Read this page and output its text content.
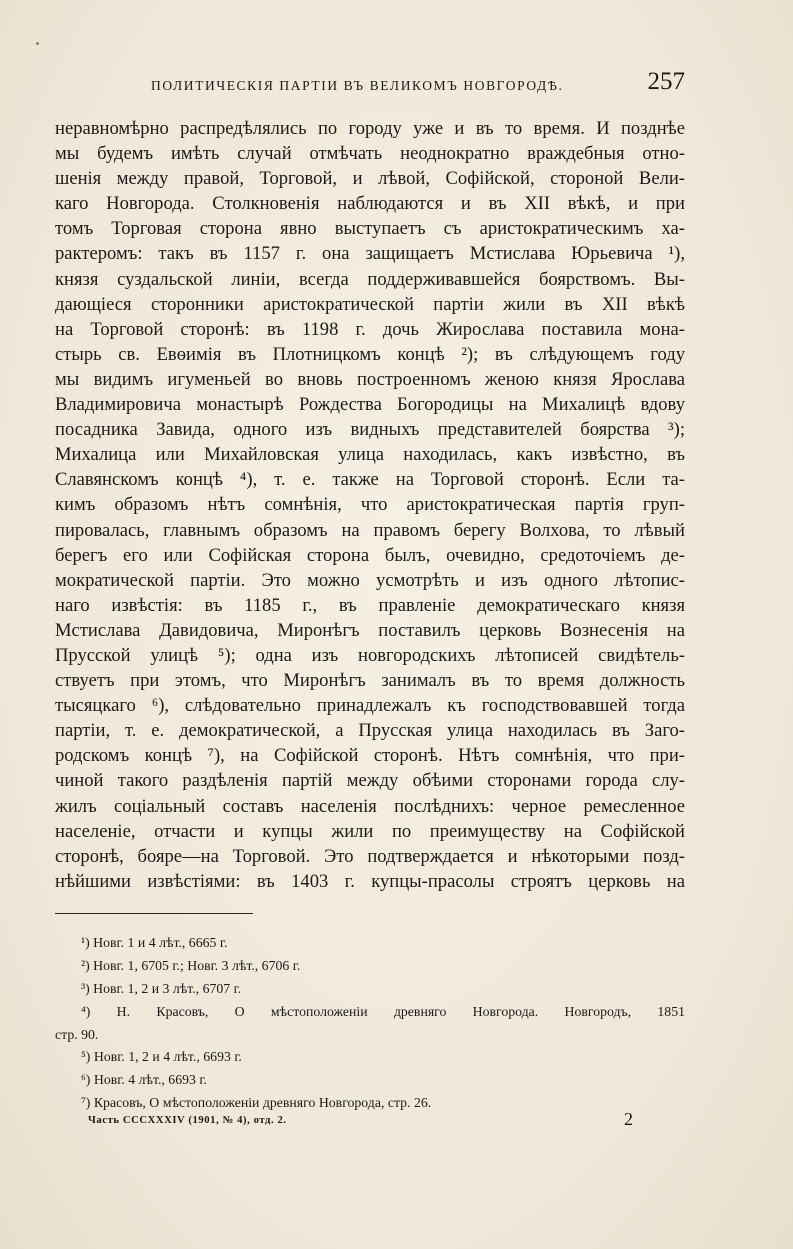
ПОЛИТИЧЕСКІЯ ПАРТІИ ВЪ ВЕЛИКОМЪ НОВГОРОДѢ.	257
неравномѣрно распредѣлялись по городу уже и въ то время. И позднѣе
мы будемъ имѣть случай отмѣчать неоднократно враждебныя отно-
шенія между правой, Торговой, и лѣвой, Софійской, стороной Вели-
каго Новгорода. Столкновенія наблюдаются и въ XII вѣкѣ, и при
томъ Торговая сторона явно выступаетъ съ аристократическимъ ха-
рактеромъ: такъ въ 1157 г. она защищаетъ Мстислава Юрьевича ¹),
князя суздальской линіи, всегда поддерживавшейся боярствомъ. Вы-
дающіеся сторонники аристократической партіи жили въ XII вѣкѣ
на Торговой сторонѣ: въ 1198 г. дочь Жирослава поставила мона-
стырь св. Евѳимія въ Плотницкомъ концѣ ²); въ слѣдующемъ году
мы видимъ игуменьей во вновь построенномъ женою князя Ярослава
Владимировича монастырѣ Рождества Богородицы на Михалицѣ вдову
посадника Завида, одного изъ видныхъ представителей боярства ³);
Михалица или Михайловская улица находилась, какъ извѣстно, въ
Славянскомъ концѣ ⁴), т. е. также на Торговой сторонѣ. Если та-
кимъ образомъ нѣтъ сомнѣнія, что аристократическая партія груп-
пировалась, главнымъ образомъ на правомъ берегу Волхова, то лѣвый
берегъ его или Софійская сторона былъ, очевидно, средоточіемъ де-
мократической партіи. Это можно усмотрѣть и изъ одного лѣтопис-
наго извѣстія: въ 1185 г., въ правленіе демократическаго князя
Мстислава Давидовича, Миронѣгъ поставилъ церковь Вознесенія на
Прусской улицѣ ⁵); одна изъ новгородскихъ лѣтописей свидѣтель-
ствуетъ при этомъ, что Миронѣгъ занималъ въ то время должность
тысяцкаго ⁶), слѣдовательно принадлежалъ къ господствовавшей тогда
партіи, т. е. демократической, а Прусская улица находилась въ Заго-
родскомъ концѣ ⁷), на Софійской сторонѣ. Нѣтъ сомнѣнія, что при-
чиной такого раздѣленія партій между обѣими сторонами города слу-
жилъ соціальный составъ населенія послѣднихъ: черное ремесленное
населеніе, отчасти и купцы жили по преимуществу на Софійской
сторонѣ, бояре—на Торговой. Это подтверждается и нѣкоторыми позд-
нѣйшими извѣстіями: въ 1403 г. купцы-прасолы строятъ церковь на
¹) Новг. 1 и 4 лѣт., 6665 г.
²) Новг. 1, 6705 г.; Новг. 3 лѣт., 6706 г.
³) Новг. 1, 2 и 3 лѣт., 6707 г.
⁴) Н. Красовъ, О мѣстоположеніи древняго Новгорода. Новгородъ, 1851
стр. 90.
⁵) Новг. 1, 2 и 4 лѣт., 6693 г.
⁶) Новг. 4 лѣт., 6693 г.
⁷) Красовъ, О мѣстоположеніи древняго Новгорода, стр. 26.
Часть CCCXXXIV (1901, № 4), отд. 2.	2
